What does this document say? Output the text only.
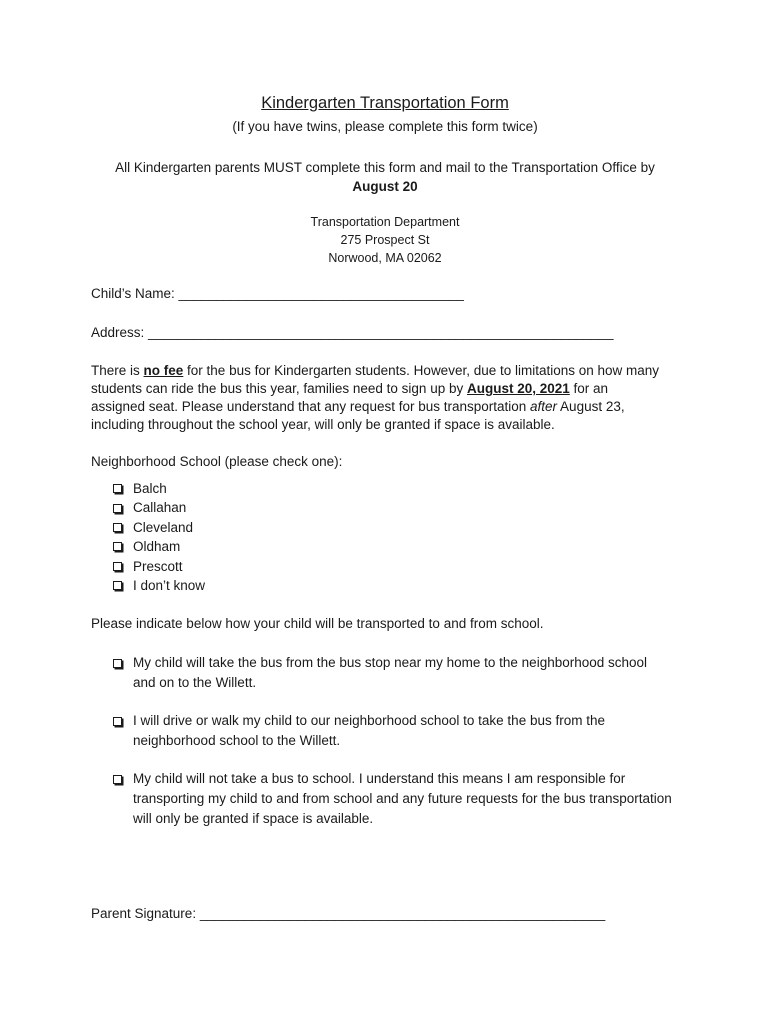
Kindergarten Transportation Form
(If you have twins, please complete this form twice)
All Kindergarten parents MUST complete this form and mail to the Transportation Office by
August 20
Transportation Department
275 Prospect St
Norwood, MA 02062
Child’s Name: ______________________________________
Address: ______________________________________________________________
There is no fee for the bus for Kindergarten students. However, due to limitations on how many students can ride the bus this year, families need to sign up by August 20, 2021 for an assigned seat. Please understand that any request for bus transportation after August 23, including throughout the school year, will only be granted if space is available.
Neighborhood School (please check one):
Balch
Callahan
Cleveland
Oldham
Prescott
I don’t know
Please indicate below how your child will be transported to and from school.
My child will take the bus from the bus stop near my home to the neighborhood school and on to the Willett.
I will drive or walk my child to our neighborhood school to take the bus from the neighborhood school to the Willett.
My child will not take a bus to school. I understand this means I am responsible for transporting my child to and from school and any future requests for the bus transportation will only be granted if space is available.
Parent Signature: ______________________________________________________
